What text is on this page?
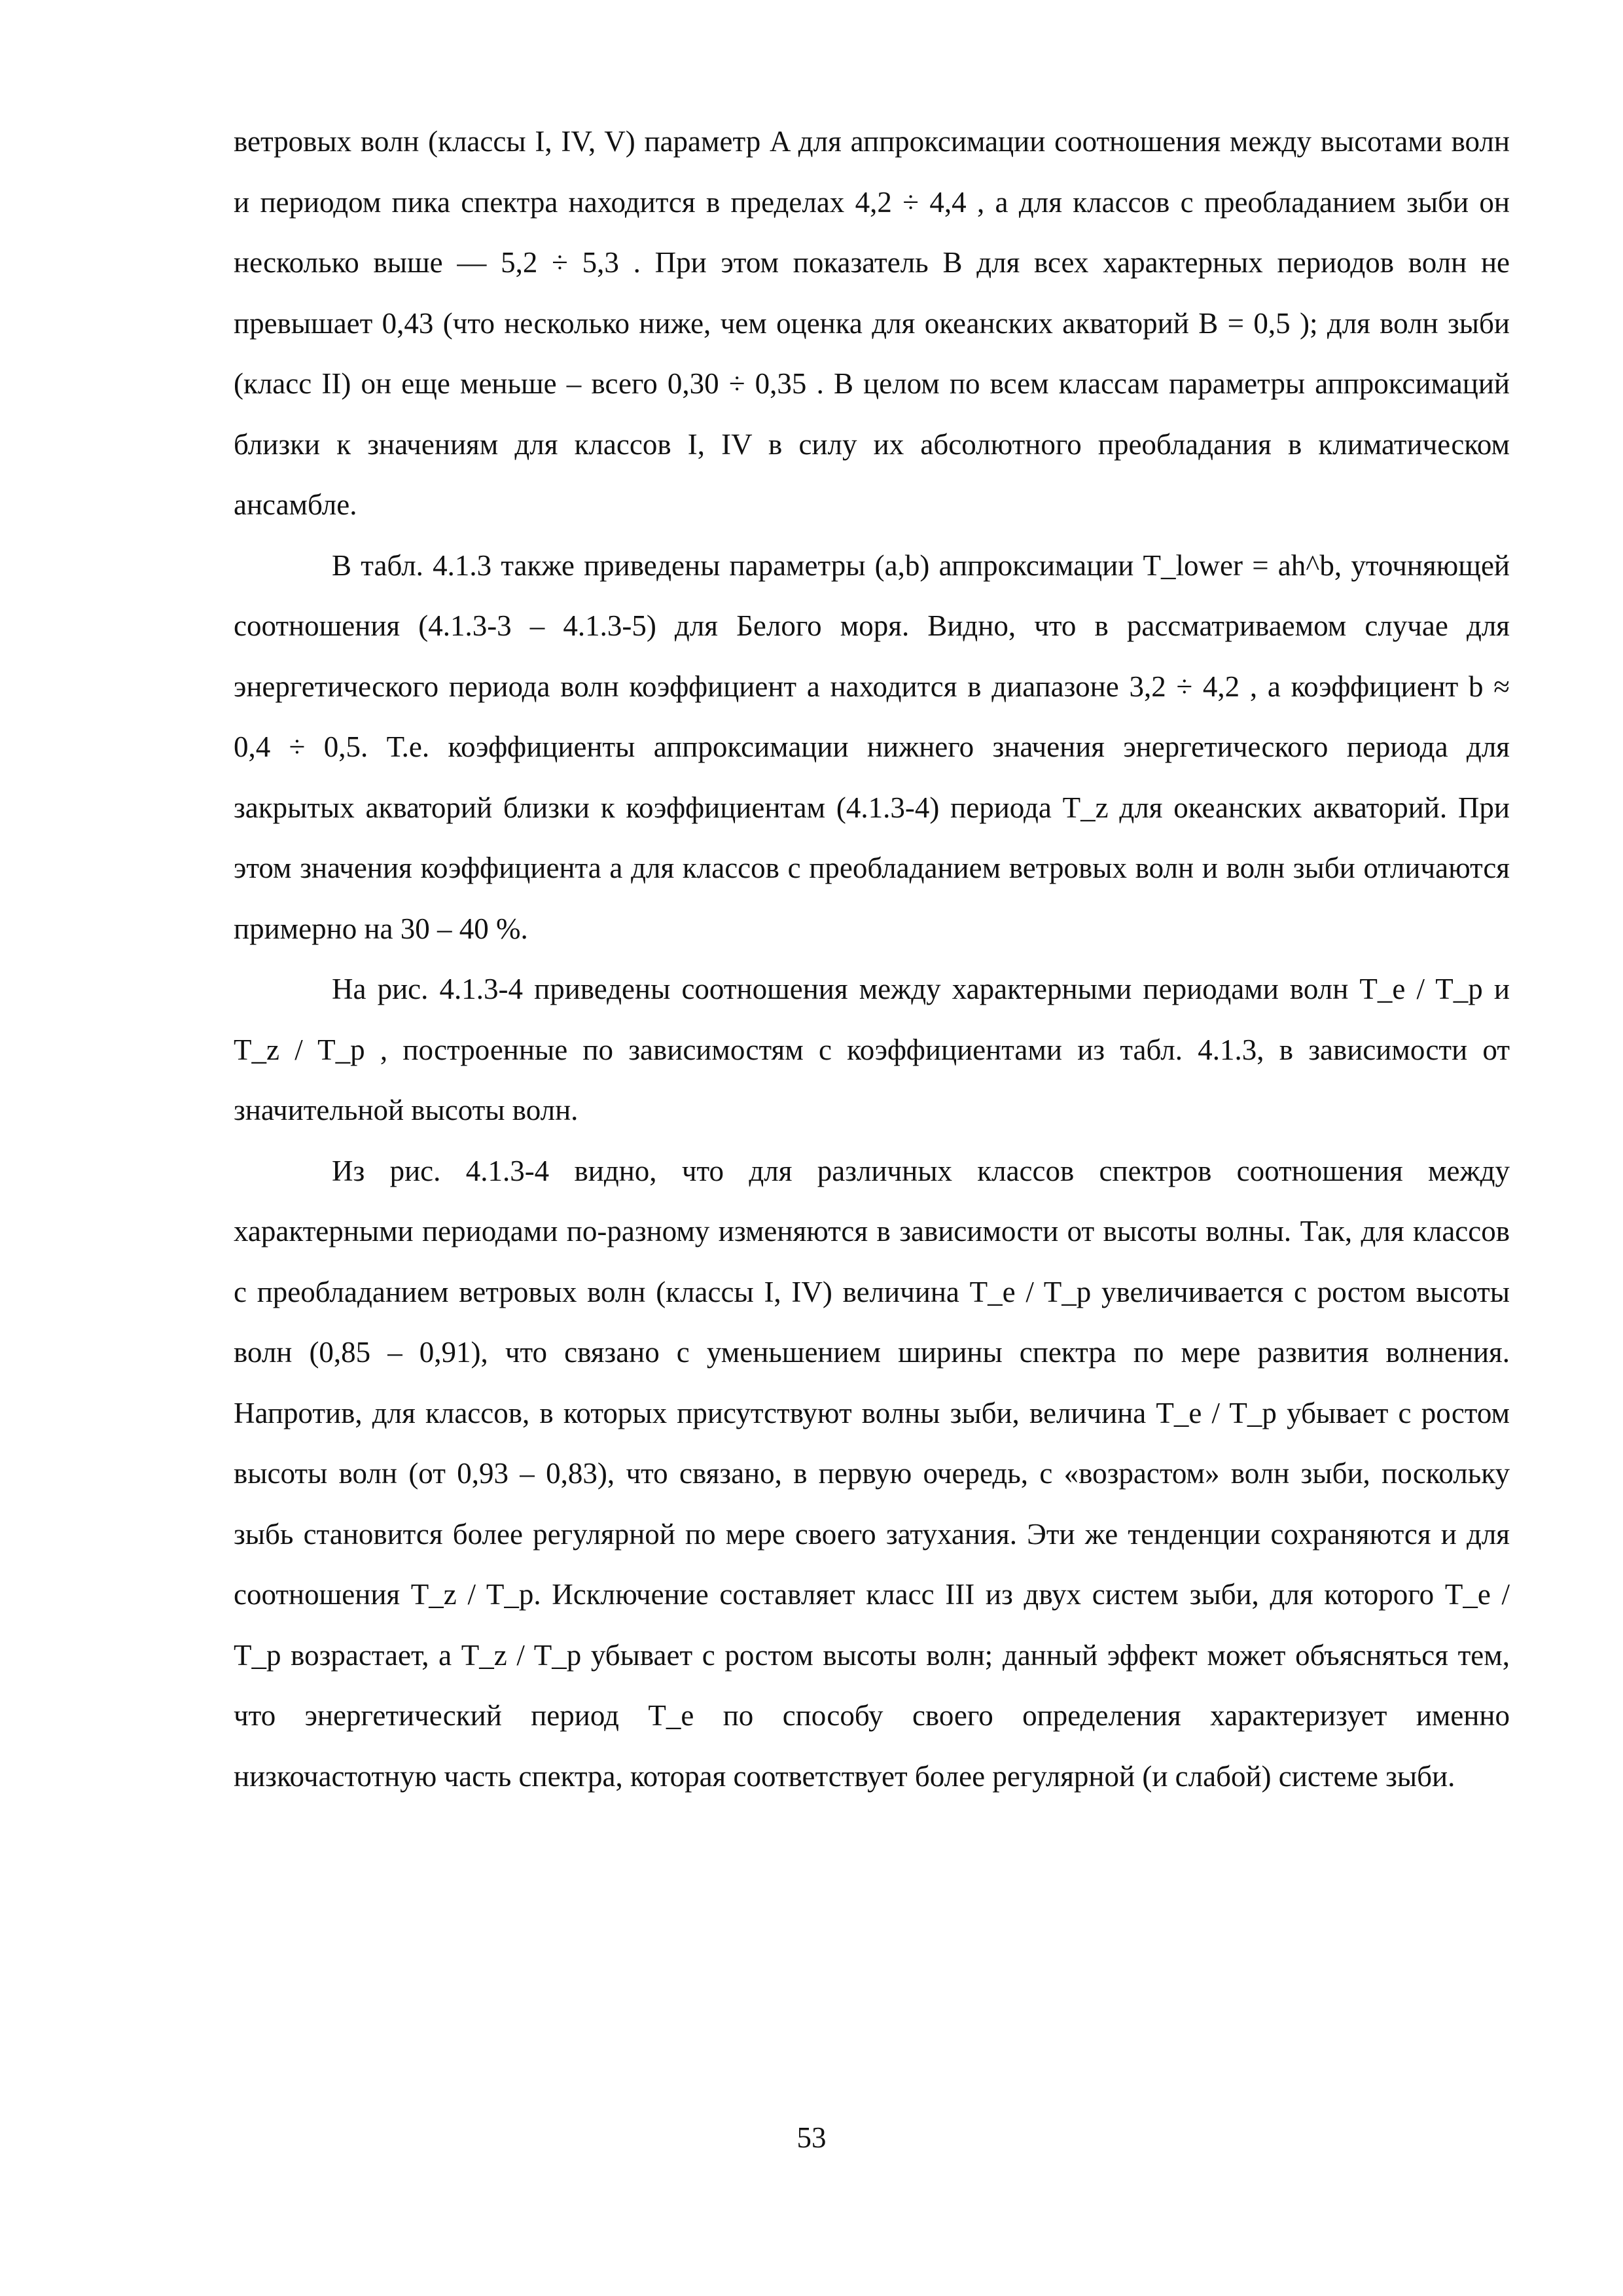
ветровых волн (классы I, IV, V) параметр A для аппроксимации соотношения между высотами волн и периодом пика спектра находится в пределах 4,2 ÷ 4,4 , а для классов с преобладанием зыби он несколько выше — 5,2 ÷ 5,3 . При этом показатель B для всех характерных периодов волн не превышает 0,43 (что несколько ниже, чем оценка для океанских акваторий B = 0,5 ); для волн зыби (класс II) он еще меньше – всего 0,30 ÷ 0,35 . В целом по всем классам параметры аппроксимаций близки к значениям для классов I, IV в силу их абсолютного преобладания в климатическом ансамбле.

В табл. 4.1.3 также приведены параметры (a,b) аппроксимации T_lower = ah^b, уточняющей соотношения (4.1.3-3 – 4.1.3-5) для Белого моря. Видно, что в рассматриваемом случае для энергетического периода волн коэффициент a находится в диапазоне 3,2 ÷ 4,2 , а коэффициент b ≈ 0,4 ÷ 0,5. Т.е. коэффициенты аппроксимации нижнего значения энергетического периода для закрытых акваторий близки к коэффициентам (4.1.3-4) периода T_z для океанских акваторий. При этом значения коэффициента a для классов с преобладанием ветровых волн и волн зыби отличаются примерно на 30 – 40 %.

На рис. 4.1.3-4 приведены соотношения между характерными периодами волн T_e / T_p и T_z / T_p , построенные по зависимостям с коэффициентами из табл. 4.1.3, в зависимости от значительной высоты волн.

Из рис. 4.1.3-4 видно, что для различных классов спектров соотношения между характерными периодами по-разному изменяются в зависимости от высоты волны. Так, для классов с преобладанием ветровых волн (классы I, IV) величина T_e / T_p увеличивается с ростом высоты волн (0,85 – 0,91), что связано с уменьшением ширины спектра по мере развития волнения. Напротив, для классов, в которых присутствуют волны зыби, величина T_e / T_p убывает с ростом высоты волн (от 0,93 – 0,83), что связано, в первую очередь, с «возрастом» волн зыби, поскольку зыбь становится более регулярной по мере своего затухания. Эти же тенденции сохраняются и для соотношения T_z / T_p. Исключение составляет класс III из двух систем зыби, для которого T_e / T_p возрастает, а T_z / T_p убывает с ростом высоты волн; данный эффект может объясняться тем, что энергетический период T_e по способу своего определения характеризует именно низкочастотную часть спектра, которая соответствует более регулярной (и слабой) системе зыби.

53
